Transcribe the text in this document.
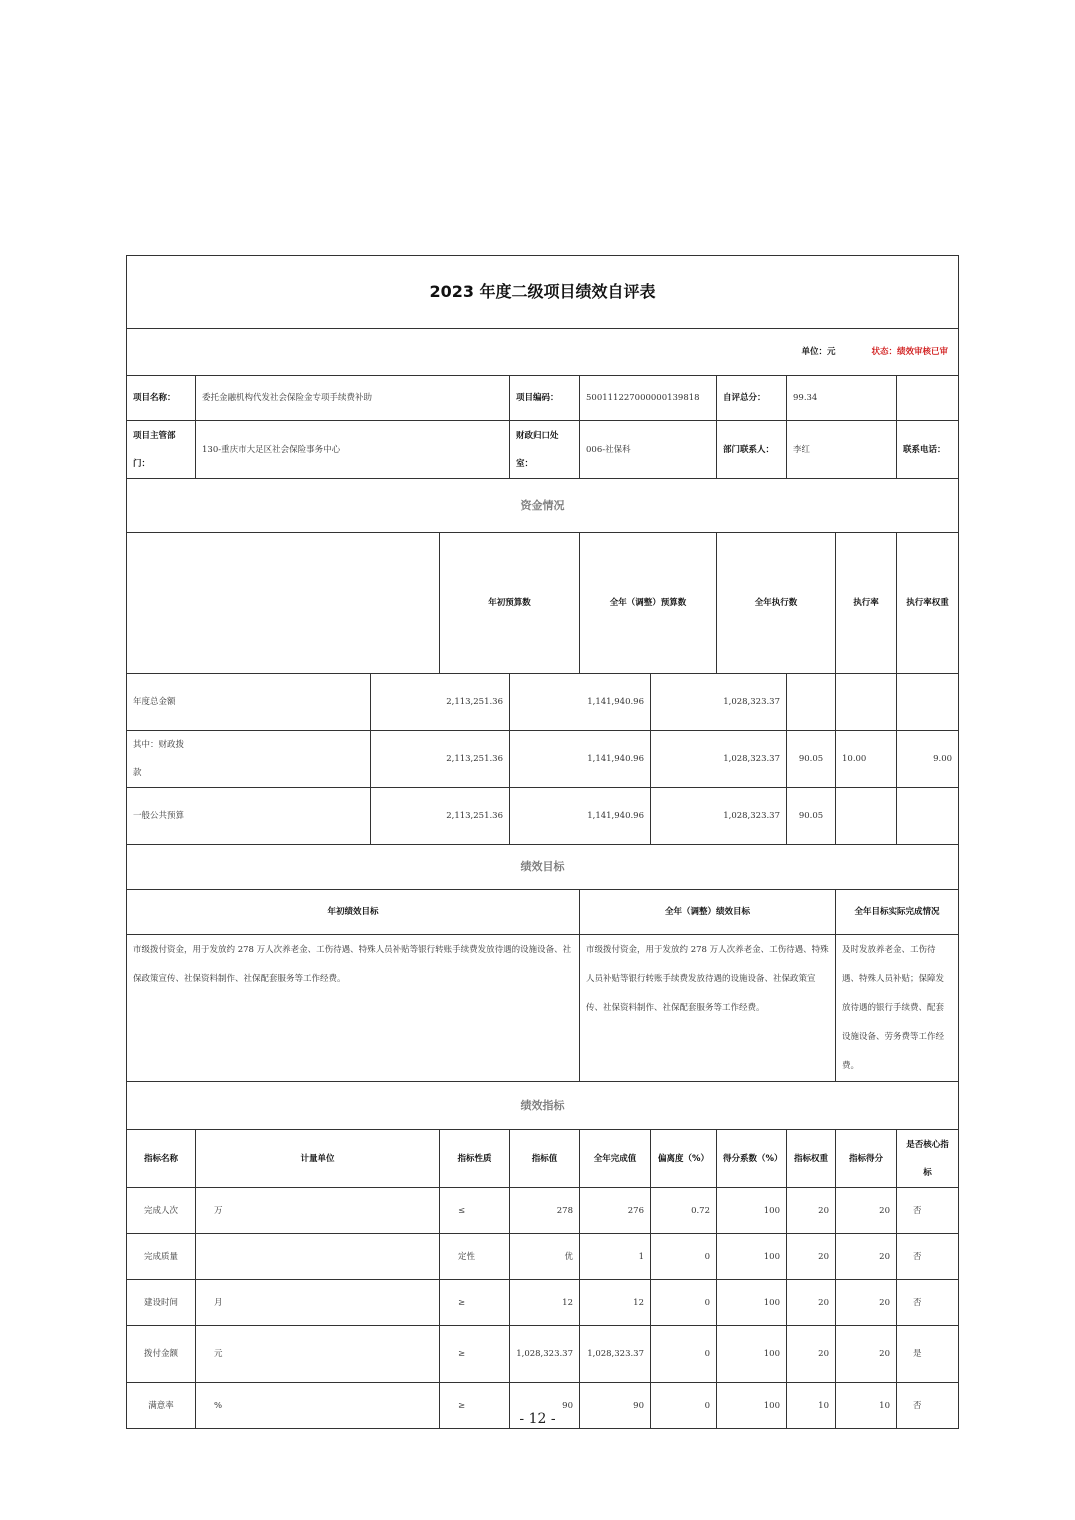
2023 年度二级项目绩效自评表											
单位：元 状态：绩效审核已审											
项目名称：	委托金融机构代发社会保险金专项手续费补助			项目编码：	500111227000000139818		自评总分：	99.34			
项目主管部门：	130-重庆市大足区社会保险事务中心			财政归口处室：	006-社保科		部门联系人：	李红		联系电话：	
资金情况											
			年初预算数		全年（调整）预算数		全年执行数		执行率	执行率权重	
年度总金额		2,113,251.36		1,141,940.96		1,028,323.37					
其中：财政拨款		2,113,251.36		1,141,940.96		1,028,323.37		90.05	10.00	9.00	
一般公共预算		2,113,251.36		1,141,940.96		1,028,323.37		90.05			
绩效目标											
年初绩效目标					全年（调整）绩效目标				全年目标实际完成情况		
市级拨付资金，用于发放约 278 万人次养老金、工伤待遇、特殊人员补贴等银行转账手续费发放待遇的设施设备、社保政策宣传、社保资料制作、社保配套服务等工作经费。					市级拨付资金，用于发放约 278 万人次养老金、工伤待遇、特殊人员补贴等银行转账手续费发放待遇的设施设备、社保政策宣传、社保资料制作、社保配套服务等工作经费。				及时发放养老金、工伤待遇、特殊人员补贴；保障发放待遇的银行手续费、配套设施设备、劳务费等工作经费。		
绩效指标											
指标名称	计量单位		指标性质	指标值	全年完成值	偏离度（%）	得分系数（%）	指标权重	指标得分	是否核心指标	
完成人次	万		≤	278	276	0.72	100	20	20	否	
完成质量			定性	优	1	0	100	20	20	否	
建设时间	月		≥	12	12	0	100	20	20	否	
拨付金额	元		≥	1,028,323.37	1,028,323.37	0	100	20	20	是	
满意率	%		≥	90	90	0	100	10	10	否	
- 12 -
